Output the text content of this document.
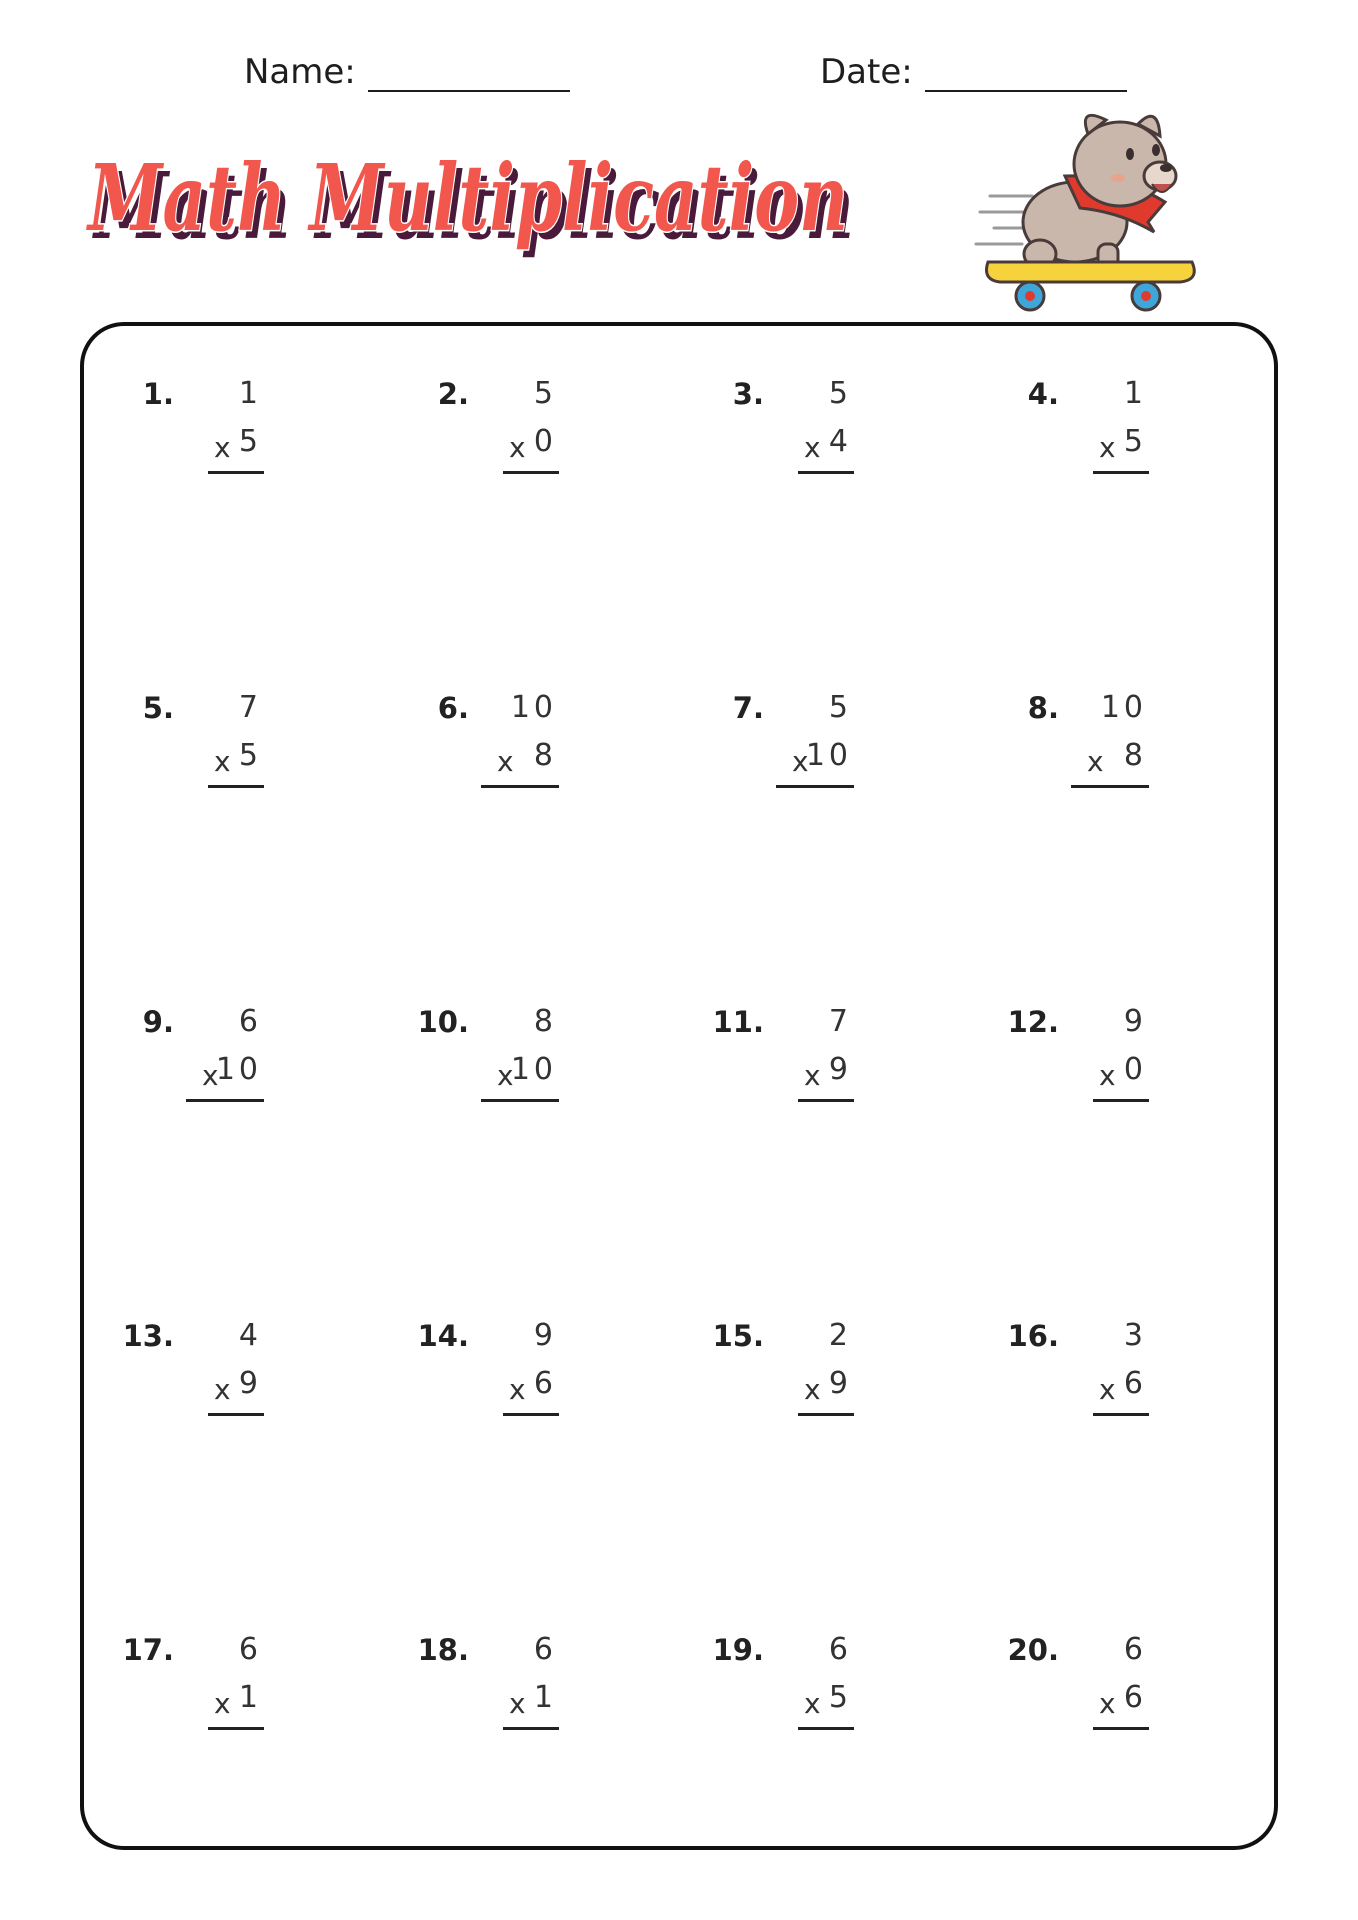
Name:	Date:
Math Multiplication
Math Multiplication
1. 1
x 5
2. 5
x 0
3. 5
x 4
4. 1
x 5
5. 7
x 5
6. 10
x 8
7. 5
x
10
8. 10
x 8
9. 6
x
10
10. 8
x
10
11. 7
x 9
12. 9
x 0
13. 4
x 9
14. 9
x 6
15. 2
x 9
16. 3
x 6
17. 6
x 1
18. 6
x 1
19. 6
x 5
20. 6
x 6
